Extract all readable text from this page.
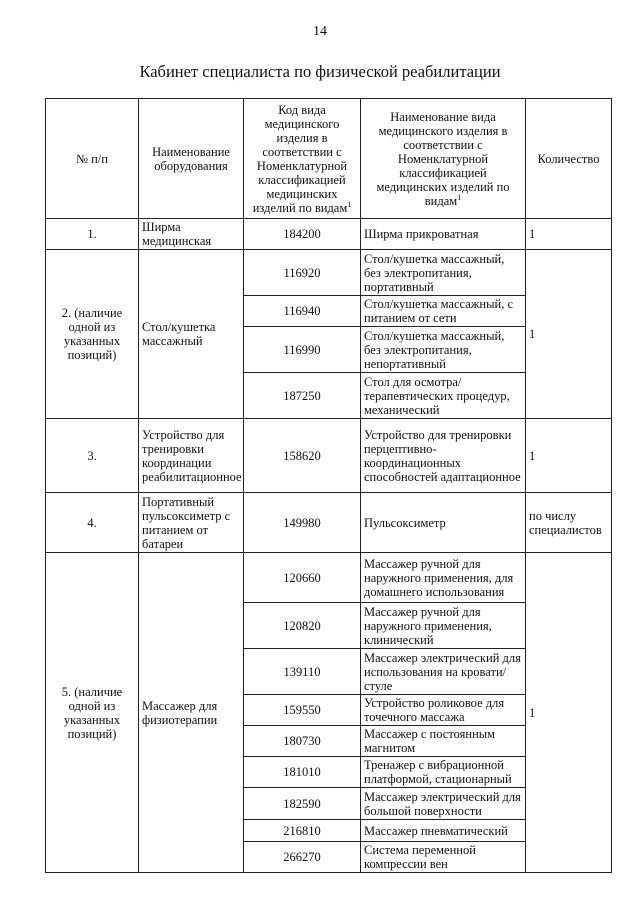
14
Кабинет специалиста по физической реабилитации
№ п/п	Наименование оборудования	Код вида медицинского изделия в соответствии с Номенклатурной классификацией медицинских изделий по видам$^1$	Наименование вида медицинского изделия в соответствии с Номенклатурной классификацией медицинских изделий по видам$^1$	Количество
1.	Ширма медицинская	184200	Ширма прикроватная	1
2. (наличие одной из указанных позиций)	Стол/кушетка массажный	116920	Стол/кушетка массажный, без электропитания, портативный	1
		116940	Стол/кушетка массажный, с питанием от сети	
		116990	Стол/кушетка массажный, без электропитания, непортативный	
		187250	Стол для осмотра/ терапевтических процедур, механический	
3.	Устройство для тренировки координации реабилитационное	158620	Устройство для тренировки перцептивно-координационных способностей адаптационное	1
4.	Портативный пульсоксиметр с питанием от батареи	149980	Пульсоксиметр	по числу специалистов
5. (наличие одной из указанных позиций)	Массажер для физиотерапии	120660	Массажер ручной для наружного применения, для домашнего использования	1
		120820	Массажер ручной для наружного применения, клинический	
		139110	Массажер электрический для использования на кровати/стуле	
		159550	Устройство роликовое для точечного массажа	
		180730	Массажер с постоянным магнитом	
		181010	Тренажер с вибрационной платформой, стационарный	
		182590	Массажер электрический для большой поверхности	
		216810	Массажер пневматический	
		266270	Система переменной компрессии вен	
